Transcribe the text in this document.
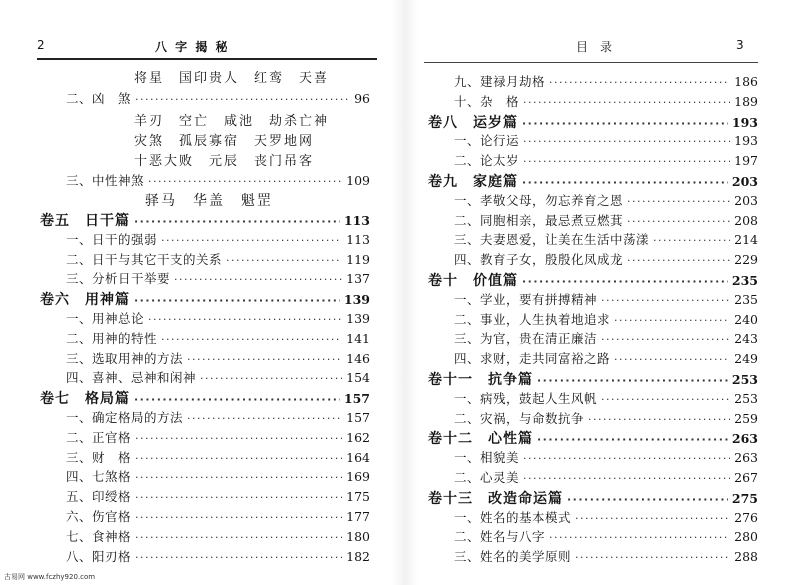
2	八 字 揭 秘
将星　国印贵人　红鸾　天喜
二、凶　煞 ·····	96
羊刃　空亡　咸池　劫杀亡神
灾煞　孤辰寡宿　天罗地网
十恶大败　元辰　丧门吊客
三、中性神煞 ·····	109
驿马　华盖　魁罡
卷五　日干篇 ·····	113
一、日干的强弱 ·····	113
二、日干与其它干支的关系 ·····	119
三、分析日干举要 ·····	137
卷六　用神篇 ·····	139
一、用神总论 ·····	139
二、用神的特性 ·····	141
三、选取用神的方法 ·····	146
四、喜神、忌神和闲神 ·····	154
卷七　格局篇 ·····	157
一、确定格局的方法 ·····	157
二、正官格 ·····	162
三、财　格 ·····	164
四、七煞格 ·····	169
五、印绶格 ·····	175
六、伤官格 ·····	177
七、食神格 ·····	180
八、阳刃格 ·····	182
目　录	3
九、建禄月劫格 ·····	186
十、杂　格 ·····	189
卷八　运岁篇 ·····	193
一、论行运 ·····	193
二、论太岁 ·····	197
卷九　家庭篇 ·····	203
一、孝敬父母，勿忘养育之恩 ·····	203
二、同胞相亲，最忌煮豆燃萁 ·····	208
三、夫妻恩爱，让美在生活中荡漾 ·····	214
四、教育子女，殷殷化凤成龙 ·····	229
卷十　价值篇 ·····	235
一、学业，要有拼搏精神 ·····	235
二、事业，人生执着地追求 ·····	240
三、为官，贵在清正廉洁 ·····	243
四、求财，走共同富裕之路 ·····	249
卷十一　抗争篇 ·····	253
一、病残，鼓起人生风帆 ·····	253
二、灾祸，与命数抗争 ·····	259
卷十二　心性篇 ·····	263
一、相貌美 ·····	263
二、心灵美 ·····	267
卷十三　改造命运篇 ·····	275
一、姓名的基本模式 ·····	276
二、姓名与八字 ·····	280
三、姓名的美学原则 ·····	288
古易网 www.fczhy920.com
